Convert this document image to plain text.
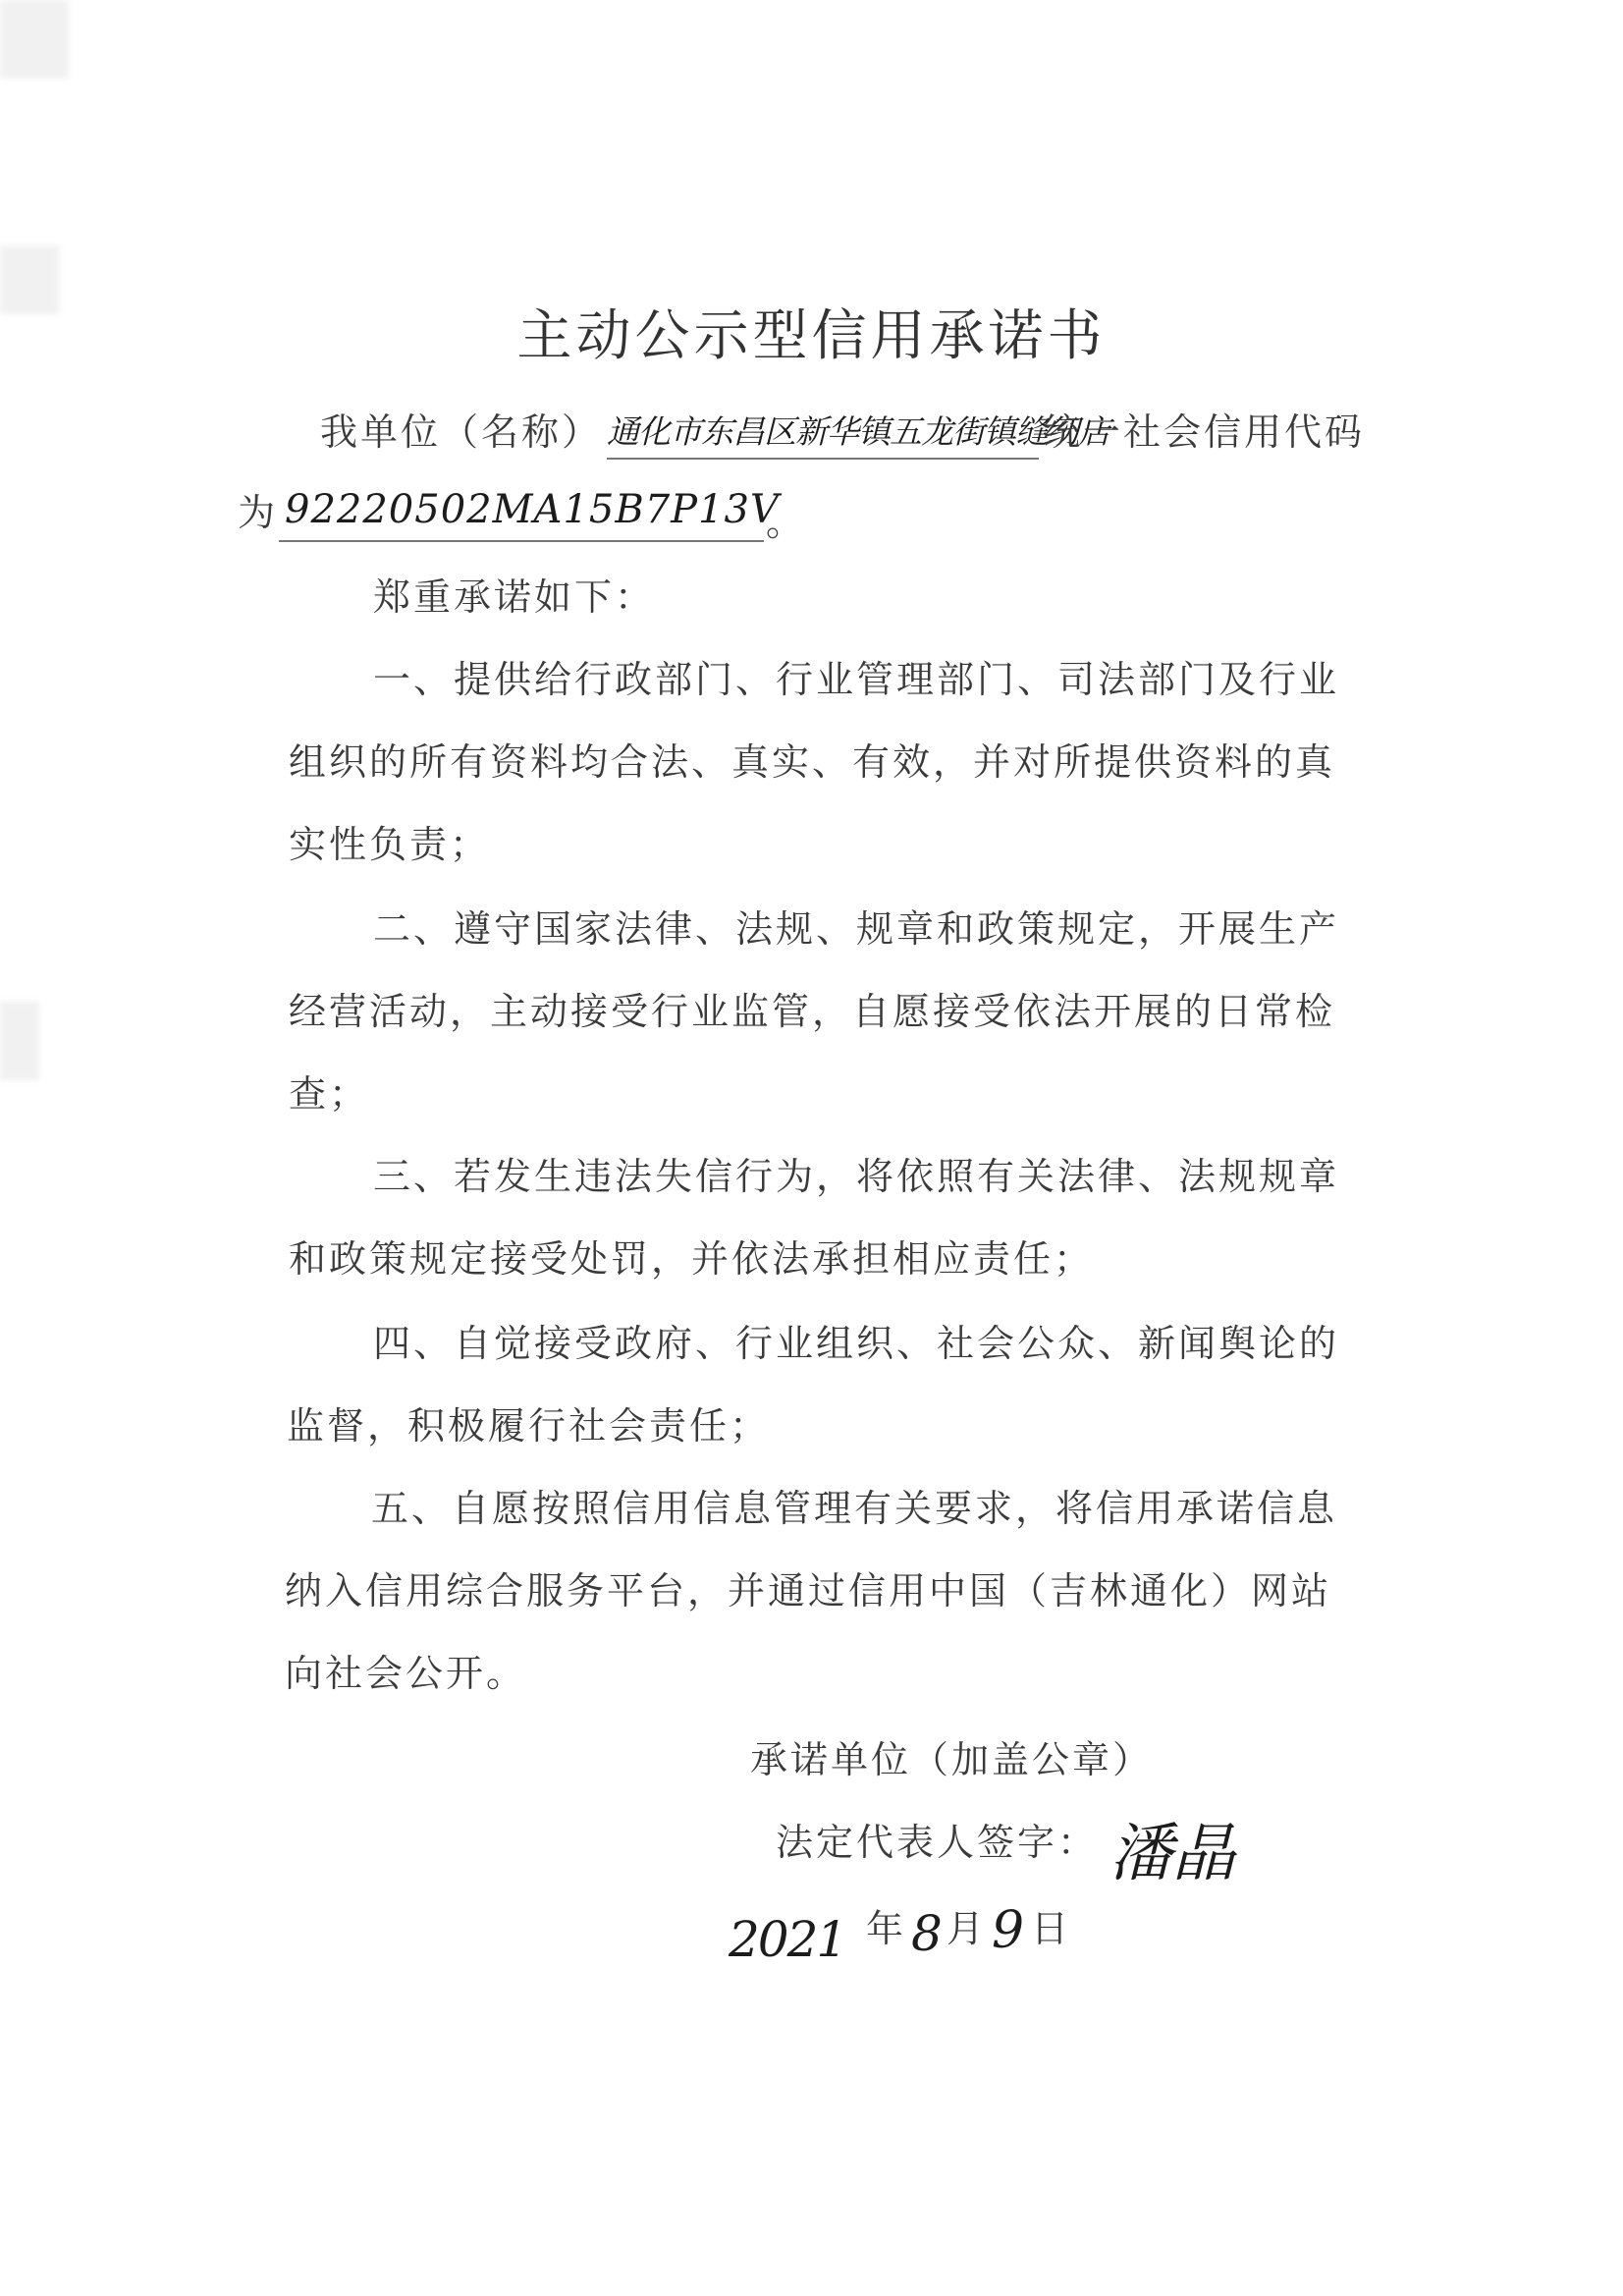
主动公示型信用承诺书
我单位（名称） 通化市东昌区新华镇五龙街镇缝纫店
统一社会信用代码
为 92220502MA15B7P13V
。
郑重承诺如下：
一、提供给行政部门、行业管理部门、司法部门及行业
组织的所有资料均合法、真实、有效，并对所提供资料的真
实性负责；
二、遵守国家法律、法规、规章和政策规定，开展生产
经营活动，主动接受行业监管，自愿接受依法开展的日常检
查；
三、若发生违法失信行为，将依照有关法律、法规规章
和政策规定接受处罚，并依法承担相应责任；
四、自觉接受政府、行业组织、社会公众、新闻舆论的
监督，积极履行社会责任；
五、自愿按照信用信息管理有关要求，将信用承诺信息
纳入信用综合服务平台，并通过信用中国（吉林通化）网站
向社会公开。
承诺单位（加盖公章）
法定代表人签字： 潘晶
2021 年 8 月 9 日
